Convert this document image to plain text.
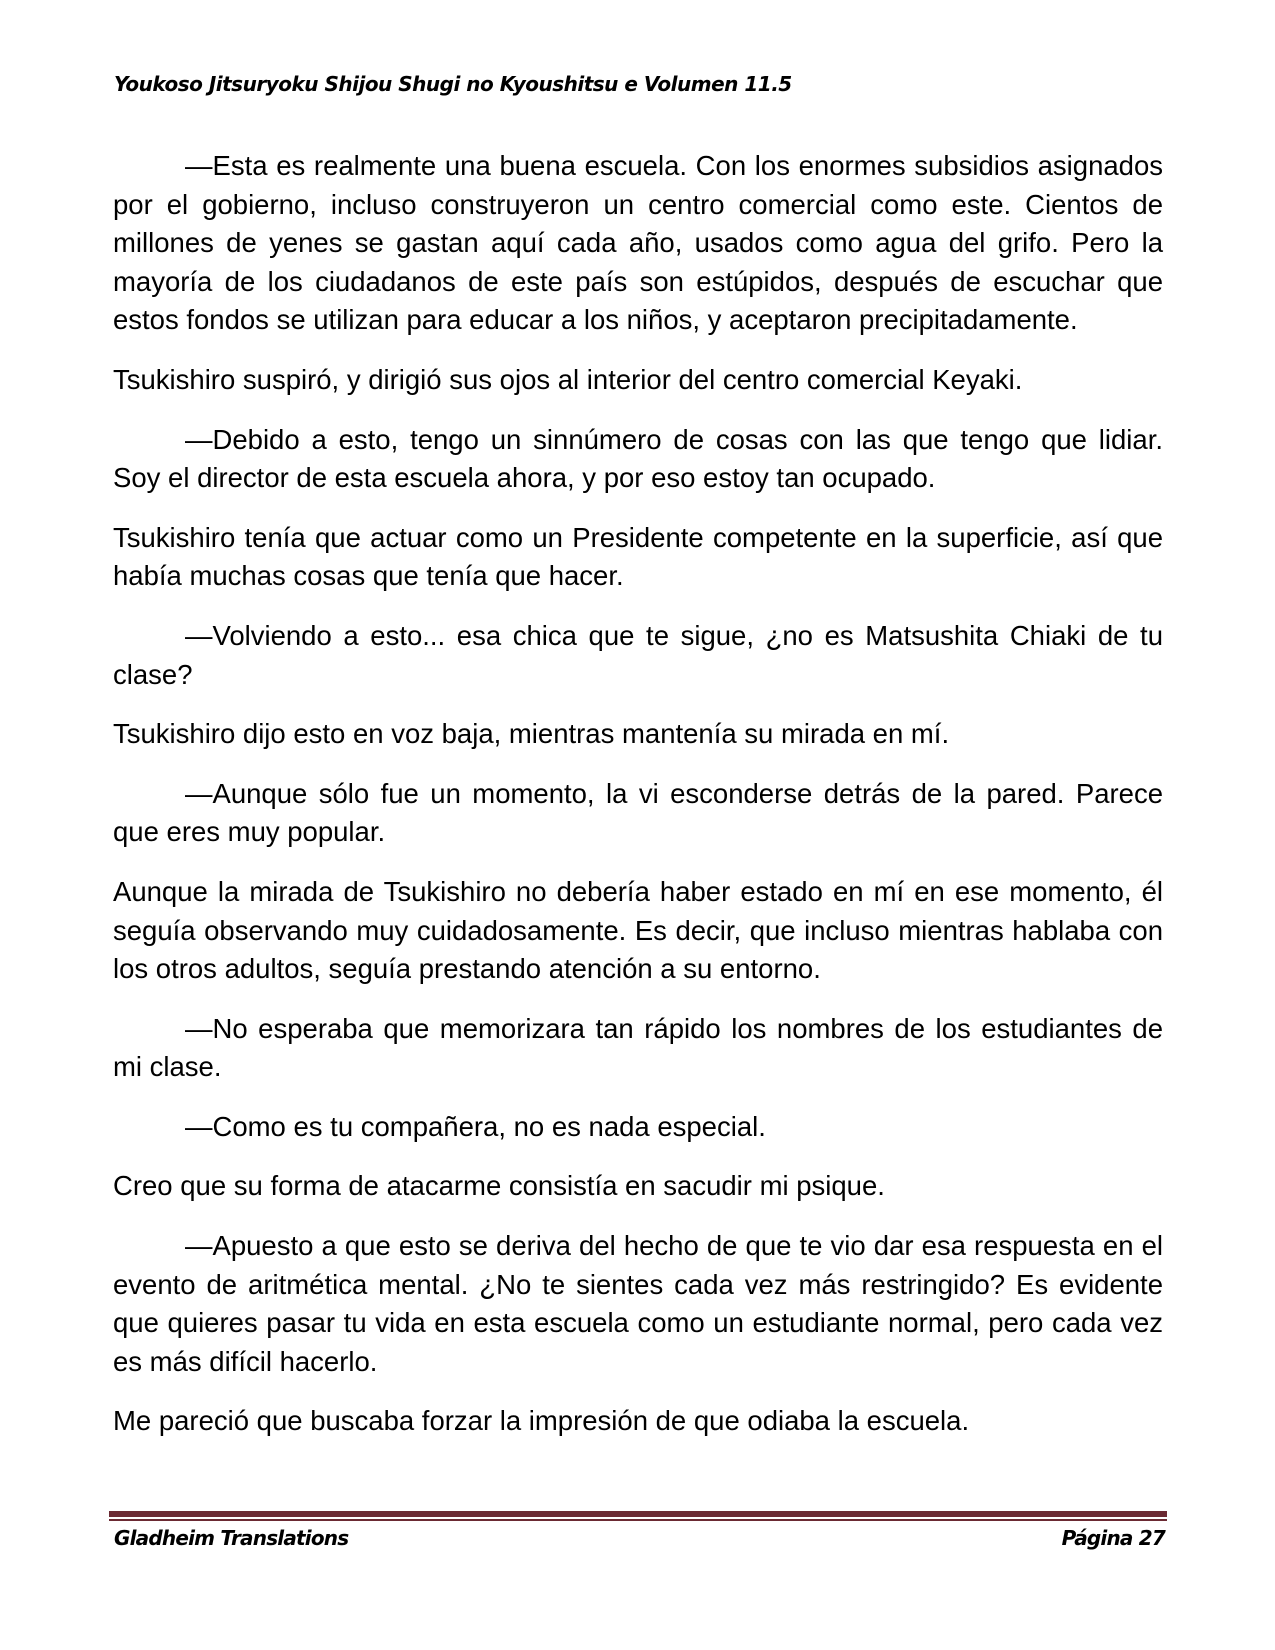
Youkoso Jitsuryoku Shijou Shugi no Kyoushitsu e Volumen 11.5

—Esta es realmente una buena escuela. Con los enormes subsidios asignados por el gobierno, incluso construyeron un centro comercial como este. Cientos de millones de yenes se gastan aquí cada año, usados como agua del grifo. Pero la mayoría de los ciudadanos de este país son estúpidos, después de escuchar que estos fondos se utilizan para educar a los niños, y aceptaron precipitadamente.

Tsukishiro suspiró, y dirigió sus ojos al interior del centro comercial Keyaki.

—Debido a esto, tengo un sinnúmero de cosas con las que tengo que lidiar. Soy el director de esta escuela ahora, y por eso estoy tan ocupado.

Tsukishiro tenía que actuar como un Presidente competente en la superficie, así que había muchas cosas que tenía que hacer.

—Volviendo a esto... esa chica que te sigue, ¿no es Matsushita Chiaki de tu clase?

Tsukishiro dijo esto en voz baja, mientras mantenía su mirada en mí.

—Aunque sólo fue un momento, la vi esconderse detrás de la pared. Parece que eres muy popular.

Aunque la mirada de Tsukishiro no debería haber estado en mí en ese momento, él seguía observando muy cuidadosamente. Es decir, que incluso mientras hablaba con los otros adultos, seguía prestando atención a su entorno.

—No esperaba que memorizara tan rápido los nombres de los estudiantes de mi clase.

—Como es tu compañera, no es nada especial.

Creo que su forma de atacarme consistía en sacudir mi psique.

—Apuesto a que esto se deriva del hecho de que te vio dar esa respuesta en el evento de aritmética mental. ¿No te sientes cada vez más restringido? Es evidente que quieres pasar tu vida en esta escuela como un estudiante normal, pero cada vez es más difícil hacerlo.

Me pareció que buscaba forzar la impresión de que odiaba la escuela.

Gladheim Translations	Página 27
